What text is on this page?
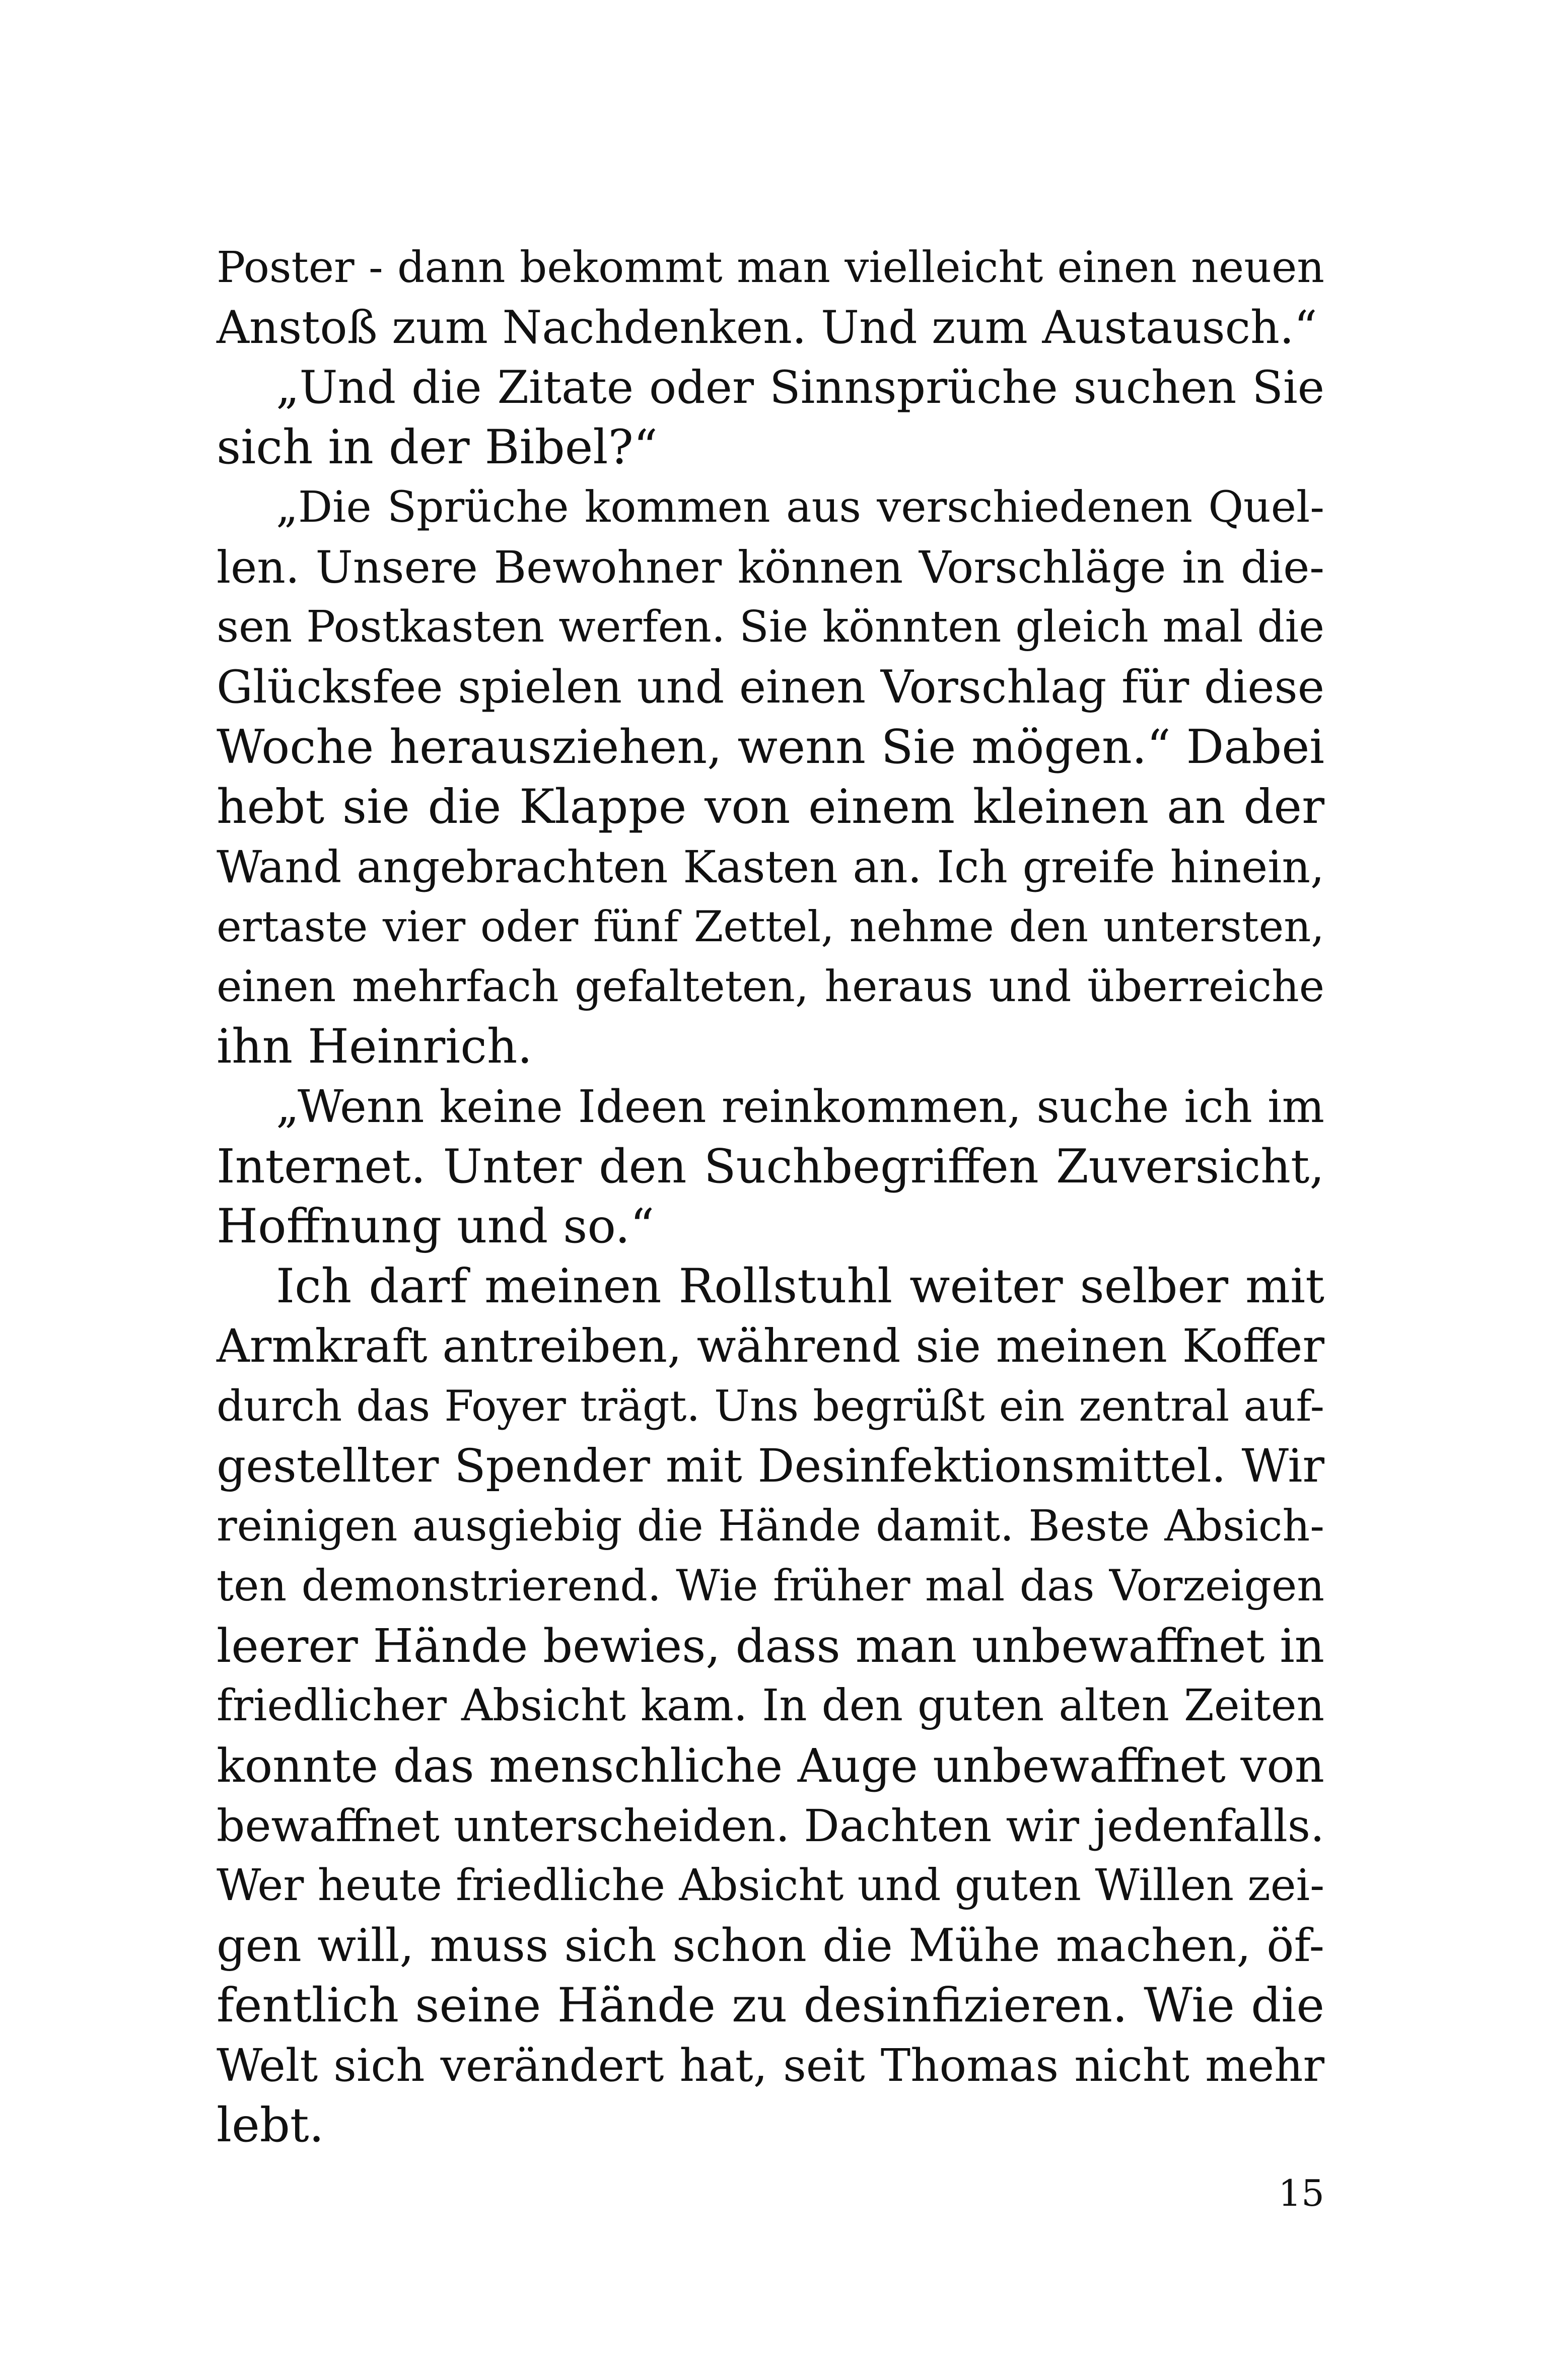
Poster - dann bekommt man vielleicht einen neuen
Anstoß zum Nachdenken. Und zum Austausch.“
„Und die Zitate oder Sinnsprüche suchen Sie
sich in der Bibel?“
„Die Sprüche kommen aus verschiedenen Quel-
len. Unsere Bewohner können Vorschläge in die-
sen Postkasten werfen. Sie könnten gleich mal die
Glücksfee spielen und einen Vorschlag für diese
Woche herausziehen, wenn Sie mögen.“ Dabei
hebt sie die Klappe von einem kleinen an der
Wand angebrachten Kasten an. Ich greife hinein,
ertaste vier oder fünf Zettel, nehme den untersten,
einen mehrfach gefalteten, heraus und überreiche
ihn Heinrich.
„Wenn keine Ideen reinkommen, suche ich im
Internet. Unter den Suchbegriffen Zuversicht,
Hoffnung und so.“
Ich darf meinen Rollstuhl weiter selber mit
Armkraft antreiben, während sie meinen Koffer
durch das Foyer trägt. Uns begrüßt ein zentral auf-
gestellter Spender mit Desinfektionsmittel. Wir
reinigen ausgiebig die Hände damit. Beste Absich-
ten demonstrierend. Wie früher mal das Vorzeigen
leerer Hände bewies, dass man unbewaffnet in
friedlicher Absicht kam. In den guten alten Zeiten
konnte das menschliche Auge unbewaffnet von
bewaffnet unterscheiden. Dachten wir jedenfalls.
Wer heute friedliche Absicht und guten Willen zei-
gen will, muss sich schon die Mühe machen, öf-
fentlich seine Hände zu desinfizieren. Wie die
Welt sich verändert hat, seit Thomas nicht mehr
lebt.
15
